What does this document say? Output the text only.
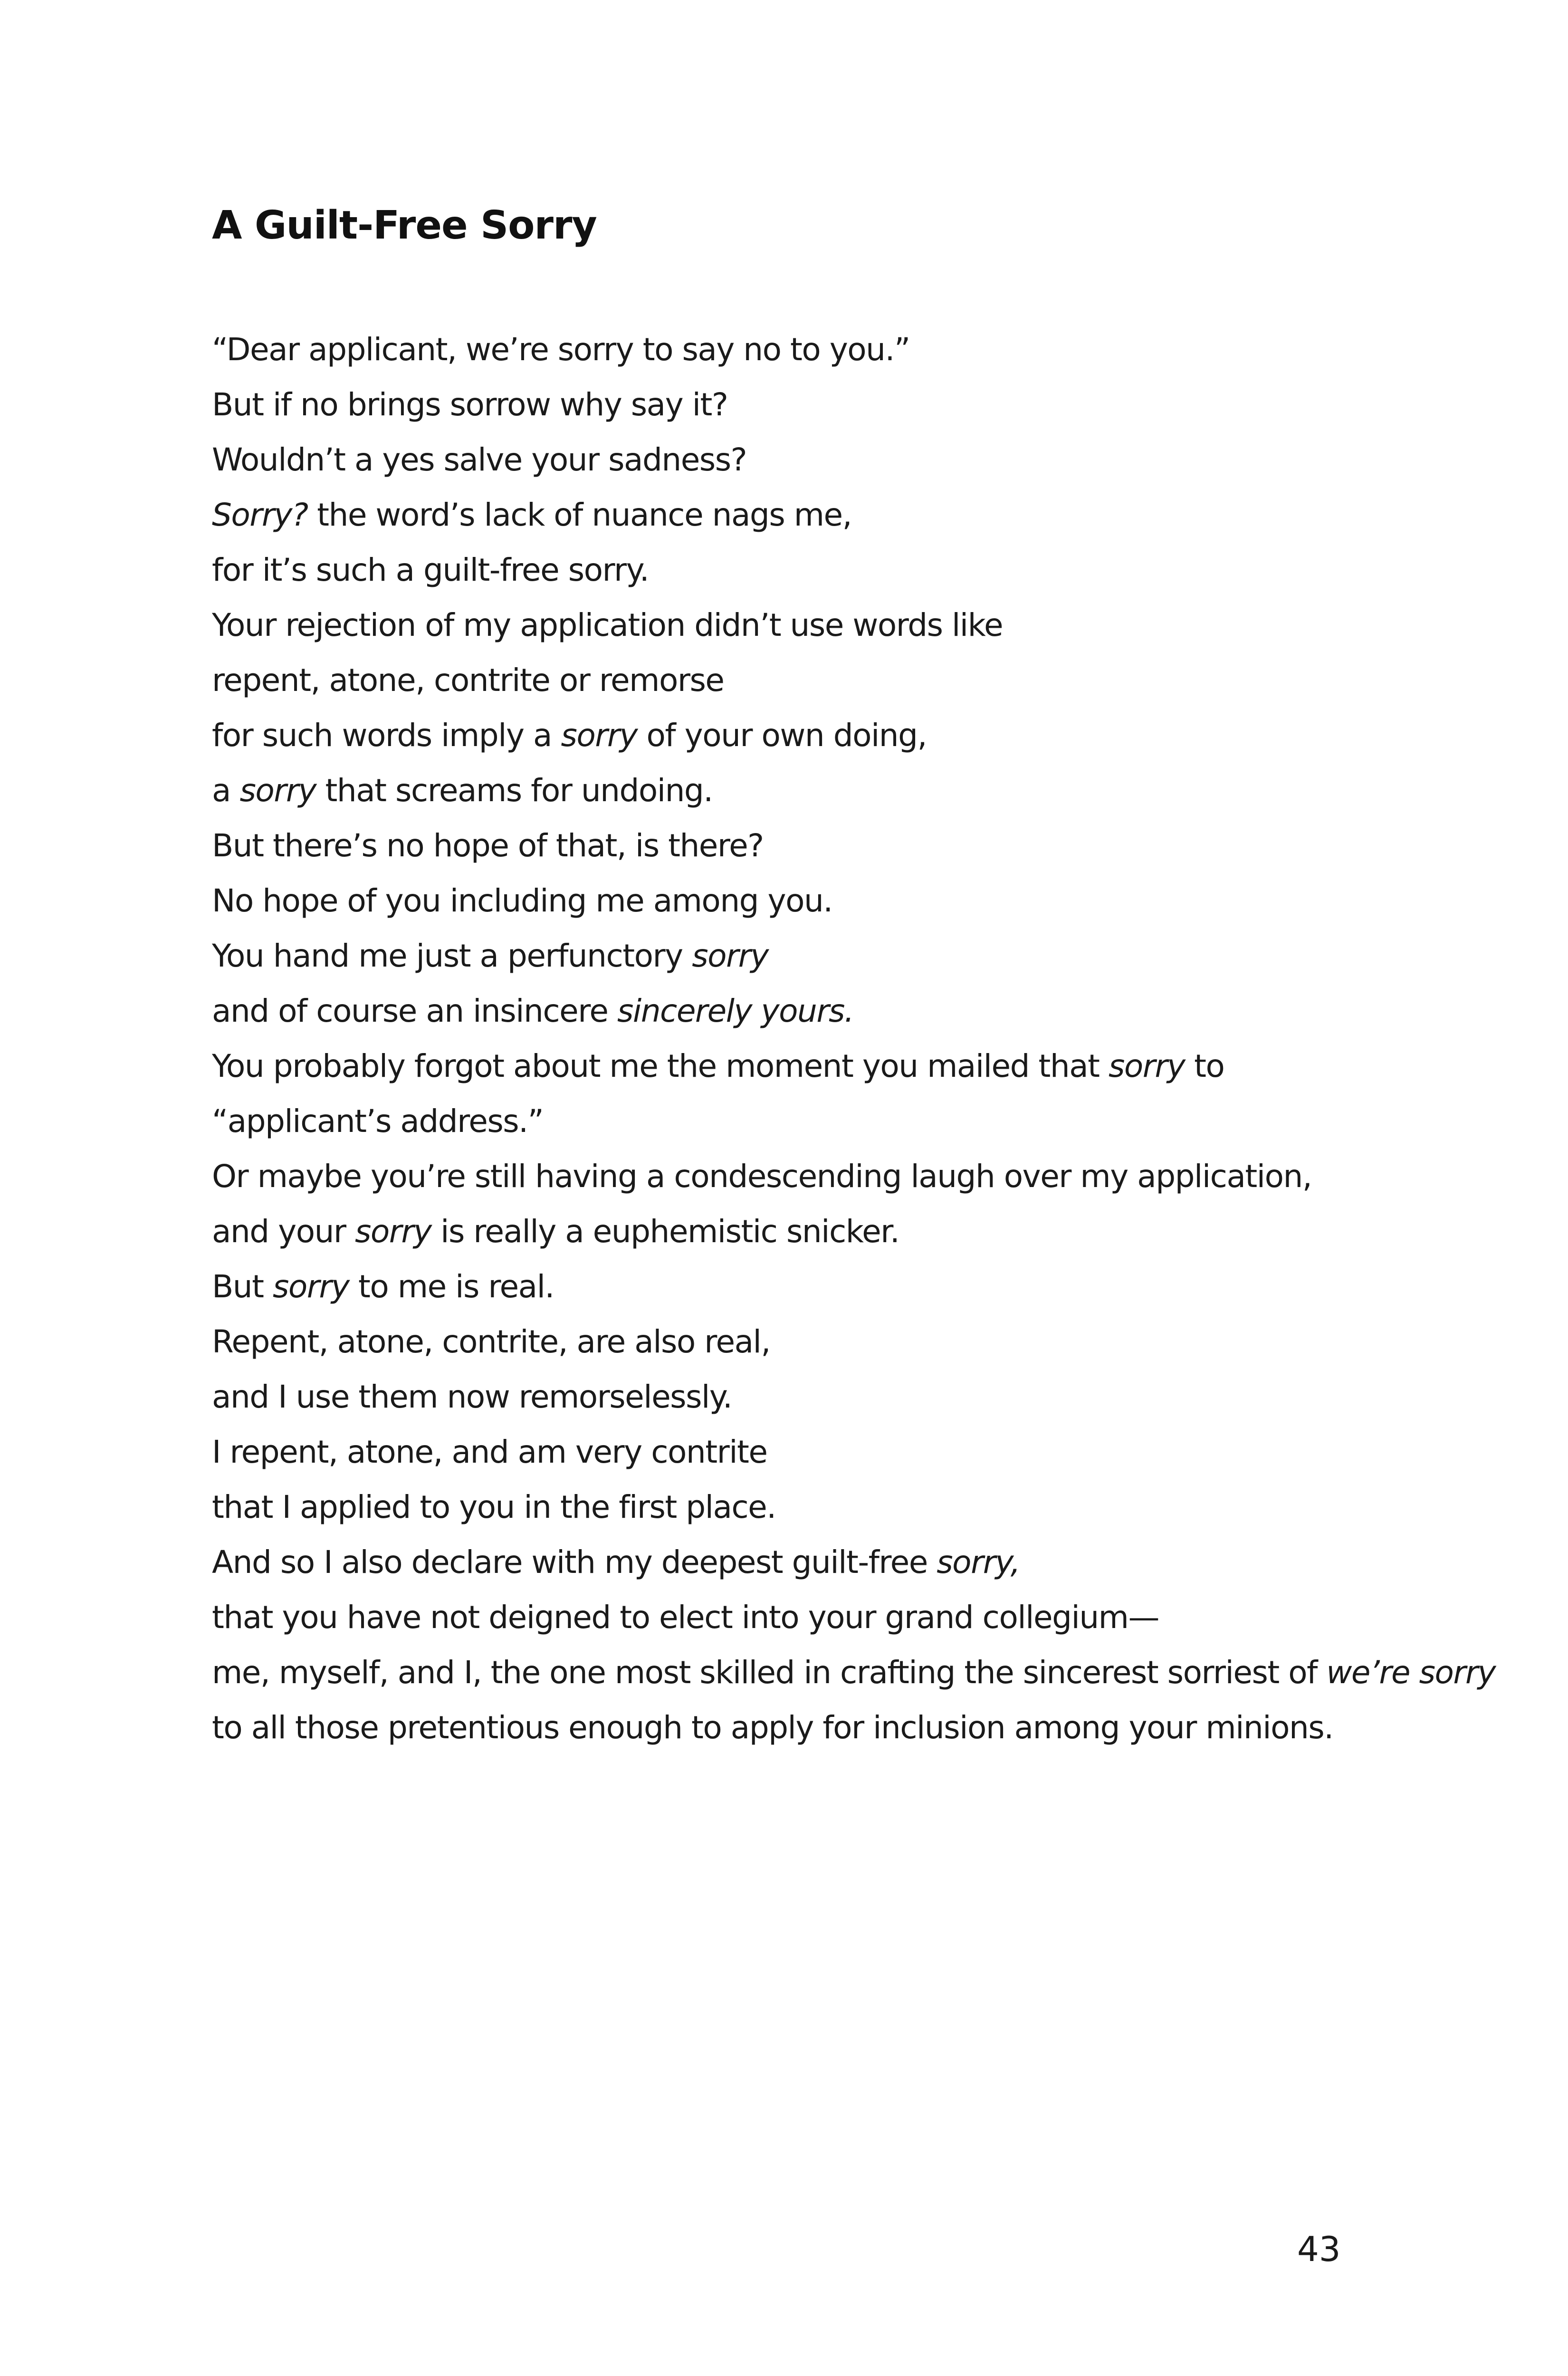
A Guilt-Free Sorry
“Dear applicant, we’re sorry to say no to you.”
But if no brings sorrow why say it?
Wouldn’t a yes salve your sadness?
Sorry? the word’s lack of nuance nags me,
for it’s such a guilt-free sorry.
Your rejection of my application didn’t use words like
repent, atone, contrite or remorse
for such words imply a sorry of your own doing,
a sorry that screams for undoing.
But there’s no hope of that, is there?
No hope of you including me among you.
You hand me just a perfunctory sorry
and of course an insincere sincerely yours.
You probably forgot about me the moment you mailed that sorry to
“applicant’s address.”
Or maybe you’re still having a condescending laugh over my application,
and your sorry is really a euphemistic snicker.
But sorry to me is real.
Repent, atone, contrite, are also real,
and I use them now remorselessly.
I repent, atone, and am very contrite
that I applied to you in the first place.
And so I also declare with my deepest guilt-free sorry,
that you have not deigned to elect into your grand collegium—
me, myself, and I, the one most skilled in crafting the sincerest sorriest of we’re sorry
to all those pretentious enough to apply for inclusion among your minions.
43
